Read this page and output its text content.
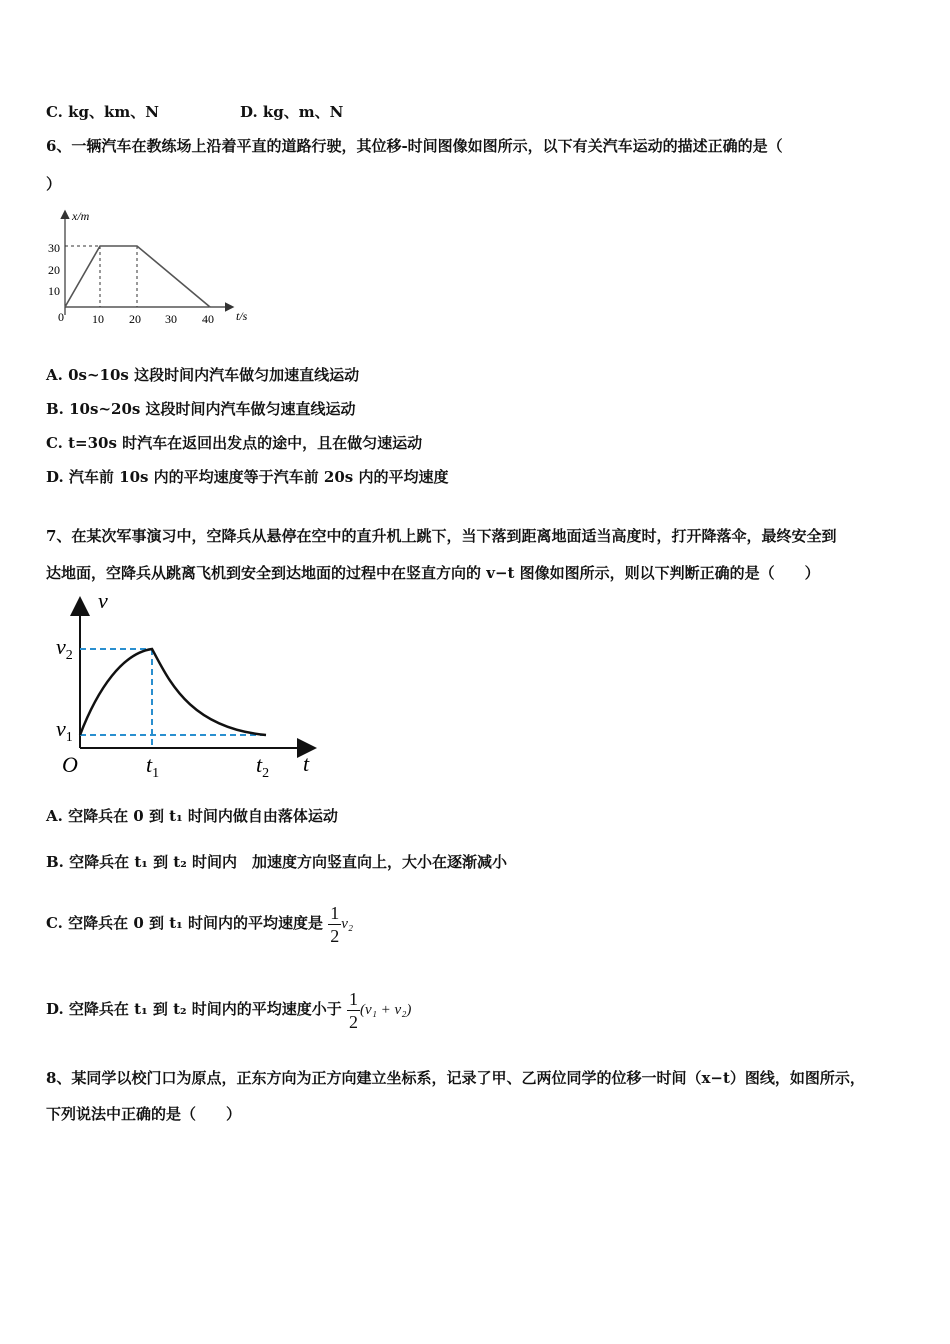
C. kg、km、N	D. kg、m、N
6、一辆汽车在教练场上沿着平直的道路行驶，其位移-时间图像如图所示，以下有关汽车运动的描述正确的是（
）
x/m
t/s
0
30
20
10
10 20 30 40
A. 0s~10s 这段时间内汽车做匀加速直线运动
B. 10s~20s 这段时间内汽车做匀速直线运动
C. t=30s 时汽车在返回出发点的途中，且在做匀速运动
D. 汽车前 10s 内的平均速度等于汽车前 20s 内的平均速度
7、在某次军事演习中，空降兵从悬停在空中的直升机上跳下，当下落到距离地面适当高度时，打开降落伞，最终安全到
达地面，空降兵从跳离飞机到安全到达地面的过程中在竖直方向的 v−t 图像如图所示，则以下判断正确的是（　　）
v
t
O
$v_2$
$v_1$
$t_1$	$t_2$
A. 空降兵在 0 到 t₁ 时间内做自由落体运动
B. 空降兵在 t₁ 到 t₂ 时间内　加速度方向竖直向上，大小在逐渐减小
C. 空降兵在 0 到 t₁ 时间内的平均速度是 $\frac{1}{2} v_2$
D. 空降兵在 t₁ 到 t₂ 时间内的平均速度小于 $\frac{1}{2} (v_1 + v_2)$
8、某同学以校门口为原点，正东方向为正方向建立坐标系，记录了甲、乙两位同学的位移一时间（x−t）图线，如图所示，
下列说法中正确的是（　　）
